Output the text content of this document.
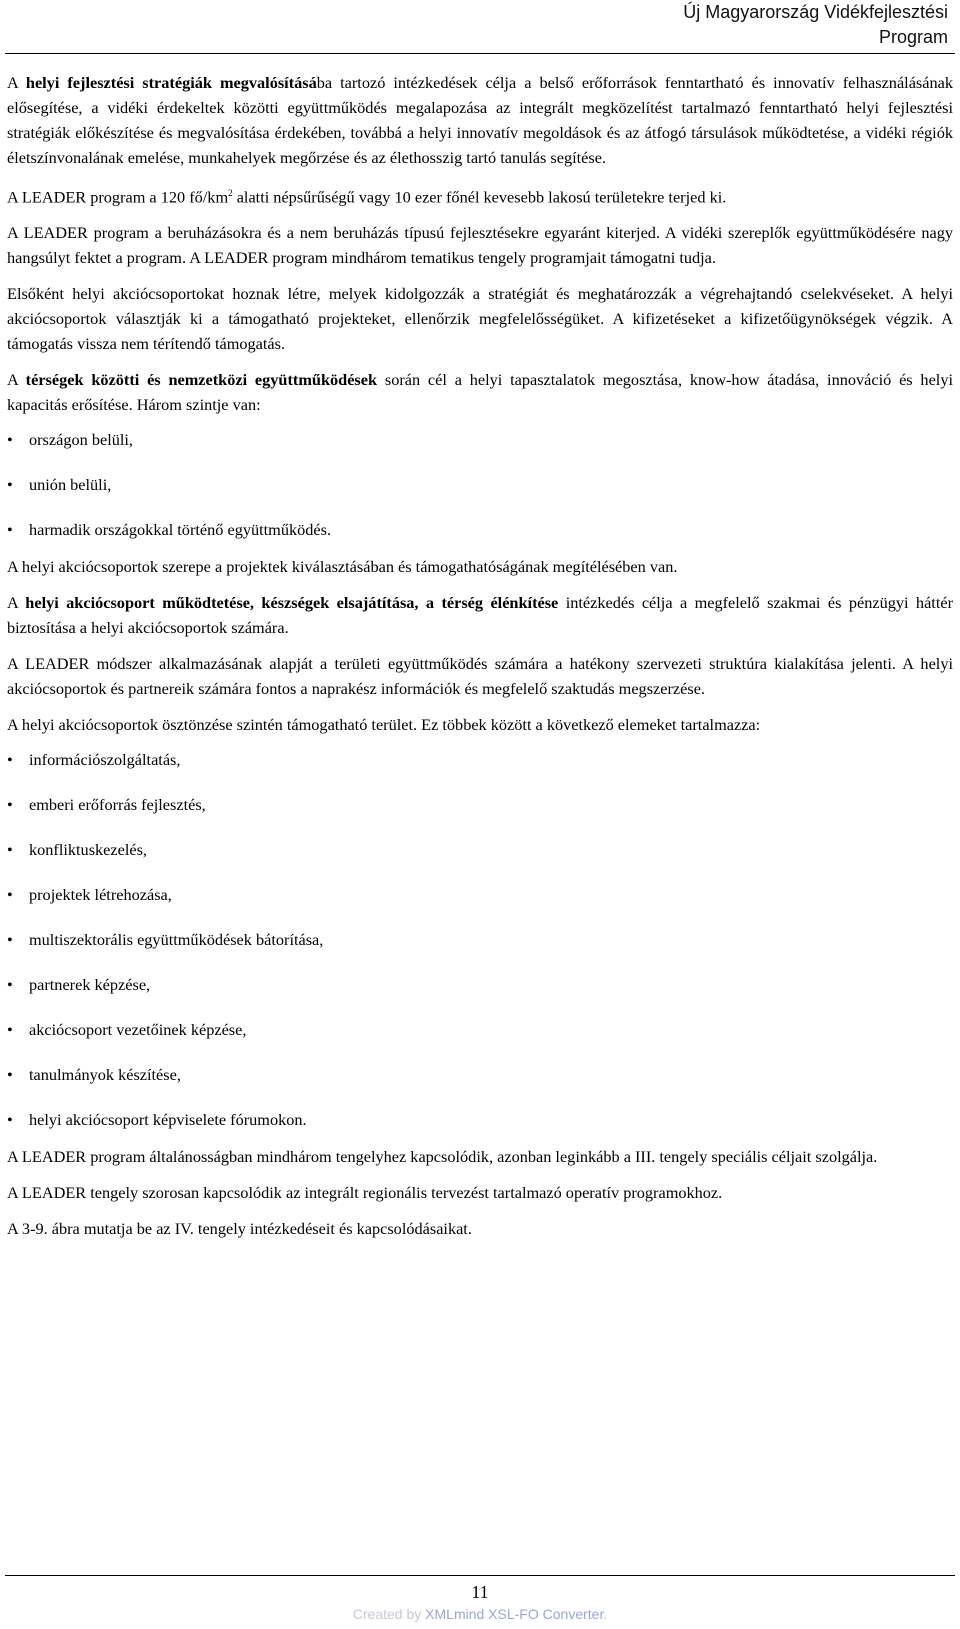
Új Magyarország Vidékfejlesztési
Program

A helyi fejlesztési stratégiák megvalósításába tartozó intézkedések célja a belső erőforrások fenntartható és innovatív felhasználásának elősegítése, a vidéki érdekeltek közötti együttműködés megalapozása az integrált megközelítést tartalmazó fenntartható helyi fejlesztési stratégiák előkészítése és megvalósítása érdekében, továbbá a helyi innovatív megoldások és az átfogó társulások működtetése, a vidéki régiók életszínvonalának emelése, munkahelyek megőrzése és az élethosszig tartó tanulás segítése.

A LEADER program a 120 $fő/km^2$ alatti népsűrűségű vagy 10 ezer főnél kevesebb lakosú területekre terjed ki.

A LEADER program a beruházásokra és a nem beruházás típusú fejlesztésekre egyaránt kiterjed. A vidéki szereplők együttműködésére nagy hangsúlyt fektet a program. A LEADER program mindhárom tematikus tengely programjait támogatni tudja.

Elsőként helyi akciócsoportokat hoznak létre, melyek kidolgozzák a stratégiát és meghatározzák a végrehajtandó cselekvéseket. A helyi akciócsoportok választják ki a támogatható projekteket, ellenőrzik megfelelősségüket. A kifizetéseket a kifizetőügynökségek végzik. A támogatás vissza nem térítendő támogatás.

A térségek közötti és nemzetközi együttműködések során cél a helyi tapasztalatok megosztása, know-how átadása, innováció és helyi kapacitás erősítése. Három szintje van:

• országon belüli,
• unión belüli,
• harmadik országokkal történő együttműködés.

A helyi akciócsoportok szerepe a projektek kiválasztásában és támogathatóságának megítélésében van.

A helyi akciócsoport működtetése, készségek elsajátítása, a térség élénkítése intézkedés célja a megfelelő szakmai és pénzügyi háttér biztosítása a helyi akciócsoportok számára.

A LEADER módszer alkalmazásának alapját a területi együttműködés számára a hatékony szervezeti struktúra kialakítása jelenti. A helyi akciócsoportok és partnereik számára fontos a naprakész információk és megfelelő szaktudás megszerzése.

A helyi akciócsoportok ösztönzése szintén támogatható terület. Ez többek között a következő elemeket tartalmazza:

• információszolgáltatás,
• emberi erőforrás fejlesztés,
• konfliktuskezelés,
• projektek létrehozása,
• multiszektorális együttműködések bátorítása,
• partnerek képzése,
• akciócsoport vezetőinek képzése,
• tanulmányok készítése,
• helyi akciócsoport képviselete fórumokon.

A LEADER program általánosságban mindhárom tengelyhez kapcsolódik, azonban leginkább a III. tengely speciális céljait szolgálja.

A LEADER tengely szorosan kapcsolódik az integrált regionális tervezést tartalmazó operatív programokhoz.

A 3-9. ábra mutatja be az IV. tengely intézkedéseit és kapcsolódásaikat.

11
Created by XMLmind XSL-FO Converter.
